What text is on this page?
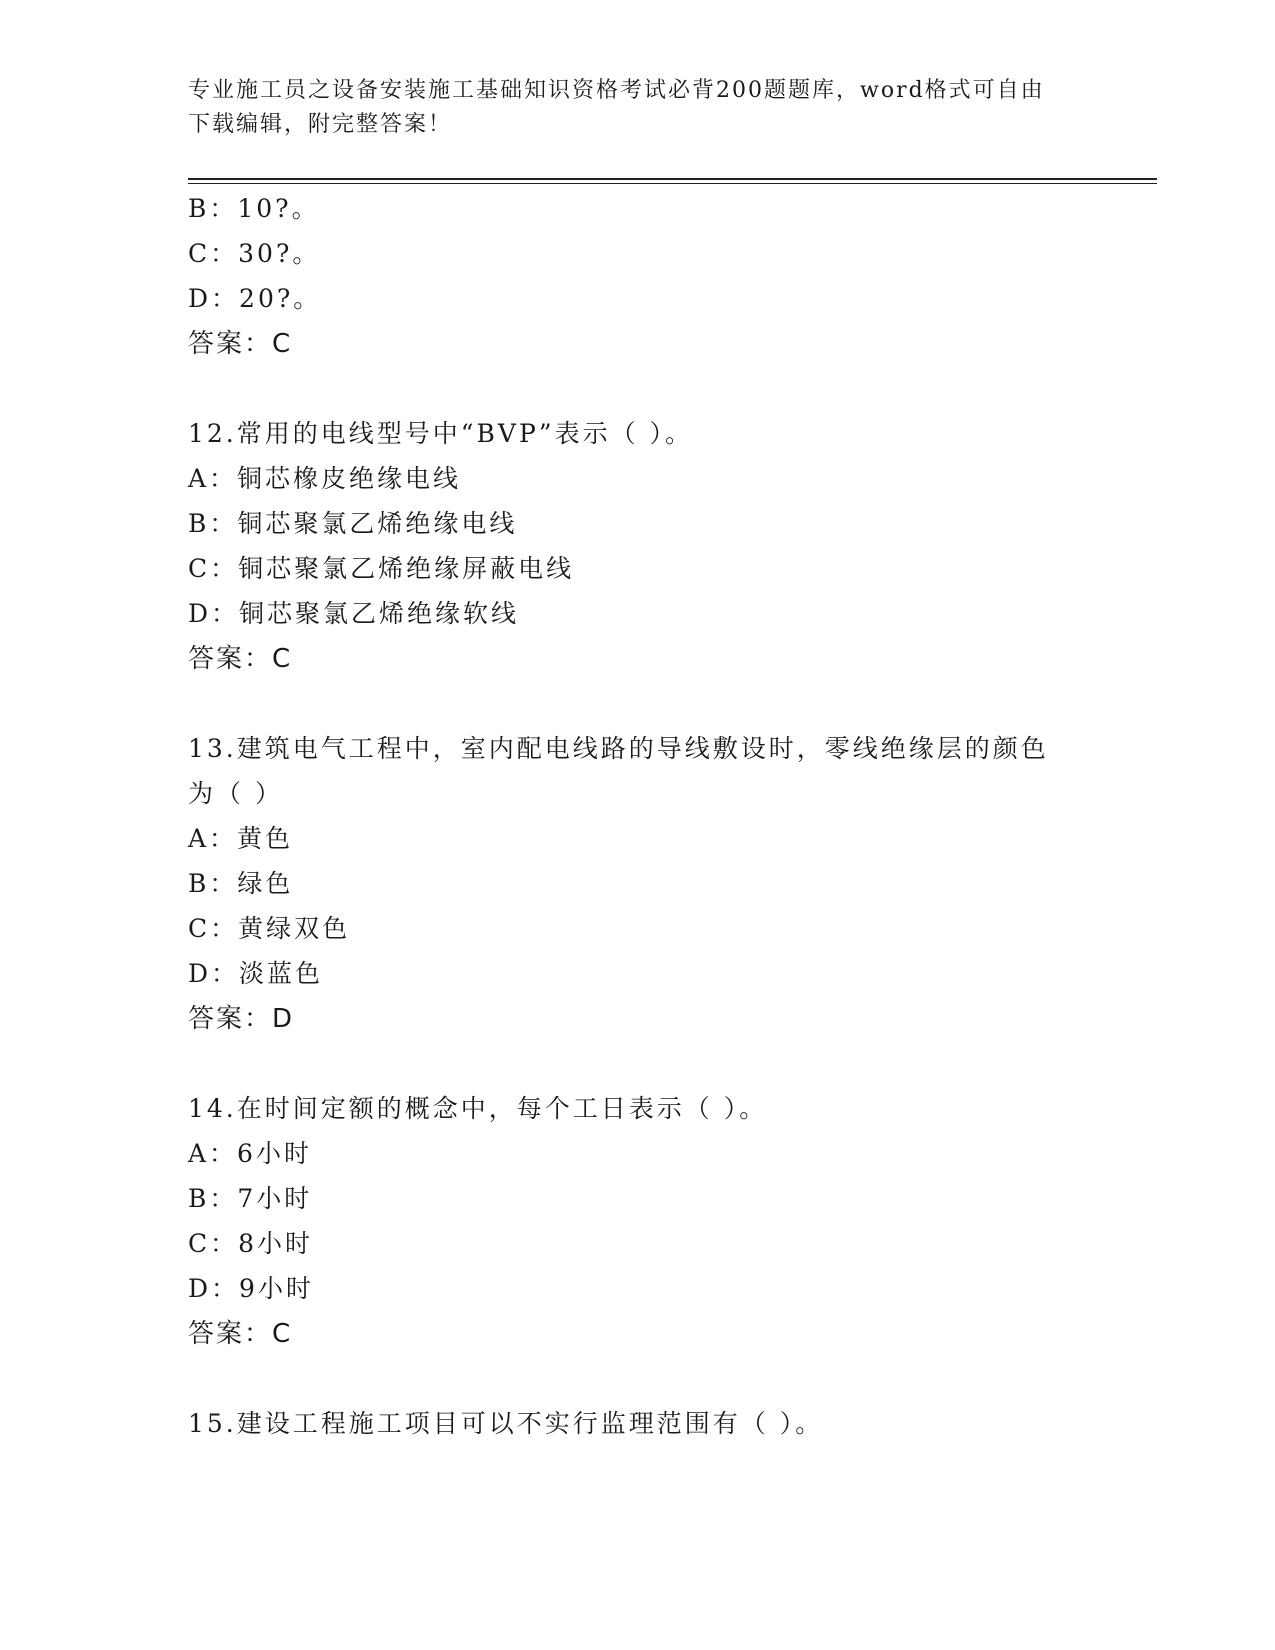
专业施工员之设备安装施工基础知识资格考试必背200题题库，word格式可自由下载编辑，附完整答案！
B：10?。
C：30?。
D：20?。
答案：C
12.常用的电线型号中“BVP”表示（ ）。
A：铜芯橡皮绝缘电线
B：铜芯聚氯乙烯绝缘电线
C：铜芯聚氯乙烯绝缘屏蔽电线
D：铜芯聚氯乙烯绝缘软线
答案：C
13.建筑电气工程中，室内配电线路的导线敷设时，零线绝缘层的颜色
为（ ）
A：黄色
B：绿色
C：黄绿双色
D：淡蓝色
答案：D
14.在时间定额的概念中，每个工日表示（ ）。
A：6小时
B：7小时
C：8小时
D：9小时
答案：C
15.建设工程施工项目可以不实行监理范围有（ ）。
